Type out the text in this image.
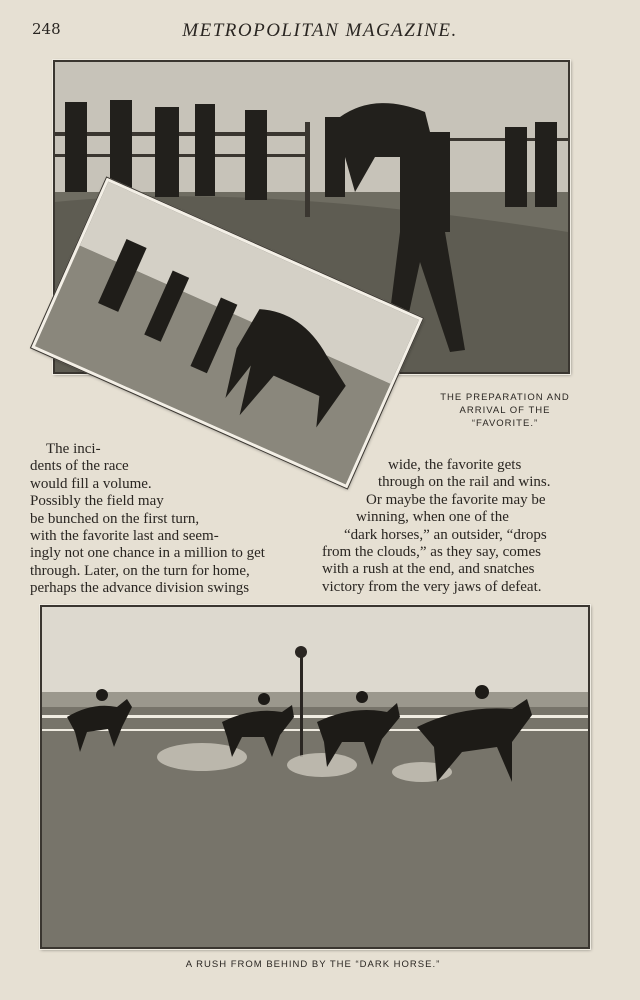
248	METROPOLITAN MAGAZINE.
THE PREPARATION AND
ARRIVAL OF THE
“FAVORITE.”
The inci-
dents of the race
would fill a volume.
Possibly the field may
be bunched on the first turn,
with the favorite last and seem-
ingly not one chance in a million to get
through. Later, on the turn for home,
perhaps the advance division swings
wide, the favorite gets
through on the rail and wins.
Or maybe the favorite may be
winning, when one of the
“dark horses,” an outsider, “drops
from the clouds,” as they say, comes
with a rush at the end, and snatches
victory from the very jaws of defeat.
A RUSH FROM BEHIND BY THE “DARK HORSE.”
